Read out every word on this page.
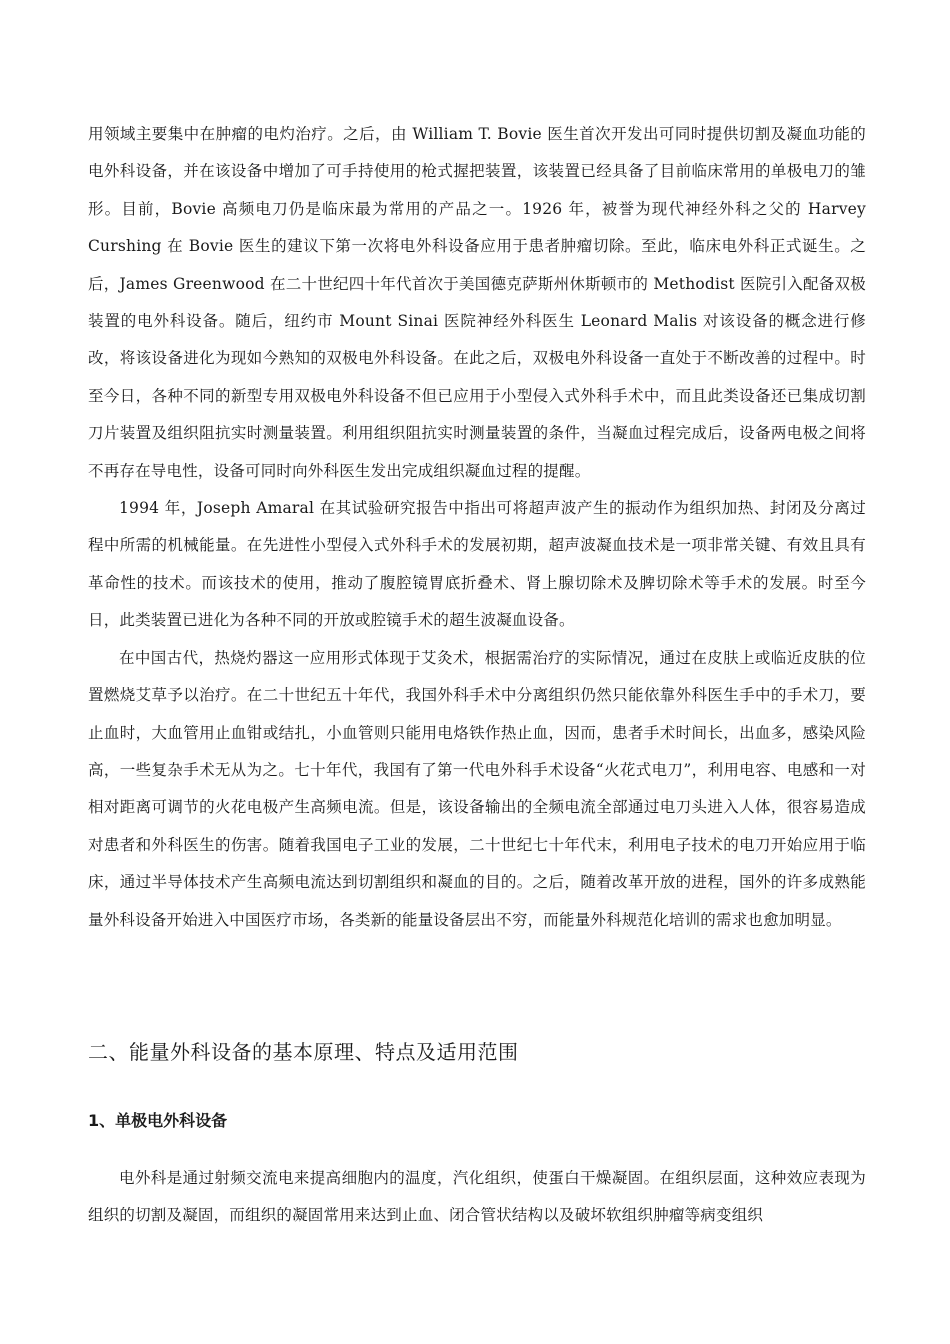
用领域主要集中在肿瘤的电灼治疗。之后，由 William T. Bovie 医生首次开发出可同时提供切割及凝血功能的电外科设备，并在该设备中增加了可手持使用的枪式握把装置，该装置已经具备了目前临床常用的单极电刀的雏形。目前，Bovie 高频电刀仍是临床最为常用的产品之一。1926 年，被誉为现代神经外科之父的 Harvey Curshing 在 Bovie 医生的建议下第一次将电外科设备应用于患者肿瘤切除。至此，临床电外科正式诞生。之后，James Greenwood 在二十世纪四十年代首次于美国德克萨斯州休斯顿市的 Methodist 医院引入配备双极装置的电外科设备。随后，纽约市 Mount Sinai 医院神经外科医生 Leonard Malis 对该设备的概念进行修改，将该设备进化为现如今熟知的双极电外科设备。在此之后，双极电外科设备一直处于不断改善的过程中。时至今日，各种不同的新型专用双极电外科设备不但已应用于小型侵入式外科手术中，而且此类设备还已集成切割刀片装置及组织阻抗实时测量装置。利用组织阻抗实时测量装置的条件，当凝血过程完成后，设备两电极之间将不再存在导电性，设备可同时向外科医生发出完成组织凝血过程的提醒。

1994 年，Joseph Amaral 在其试验研究报告中指出可将超声波产生的振动作为组织加热、封闭及分离过程中所需的机械能量。在先进性小型侵入式外科手术的发展初期，超声波凝血技术是一项非常关键、有效且具有革命性的技术。而该技术的使用，推动了腹腔镜胃底折叠术、肾上腺切除术及脾切除术等手术的发展。时至今日，此类装置已进化为各种不同的开放或腔镜手术的超生波凝血设备。

在中国古代，热烧灼器这一应用形式体现于艾灸术，根据需治疗的实际情况，通过在皮肤上或临近皮肤的位置燃烧艾草予以治疗。在二十世纪五十年代，我国外科手术中分离组织仍然只能依靠外科医生手中的手术刀，要止血时，大血管用止血钳或结扎，小血管则只能用电烙铁作热止血，因而，患者手术时间长，出血多，感染风险高，一些复杂手术无从为之。七十年代，我国有了第一代电外科手术设备“火花式电刀”，利用电容、电感和一对相对距离可调节的火花电极产生高频电流。但是，该设备输出的全频电流全部通过电刀头进入人体，很容易造成对患者和外科医生的伤害。随着我国电子工业的发展，二十世纪七十年代末，利用电子技术的电刀开始应用于临床，通过半导体技术产生高频电流达到切割组织和凝血的目的。之后，随着改革开放的进程，国外的许多成熟能量外科设备开始进入中国医疗市场，各类新的能量设备层出不穷，而能量外科规范化培训的需求也愈加明显。

二、能量外科设备的基本原理、特点及适用范围
1、单极电外科设备

电外科是通过射频交流电来提高细胞内的温度，汽化组织，使蛋白干燥凝固。在组织层面，这种效应表现为组织的切割及凝固，而组织的凝固常用来达到止血、闭合管状结构以及破坏软组织肿瘤等病变组织
